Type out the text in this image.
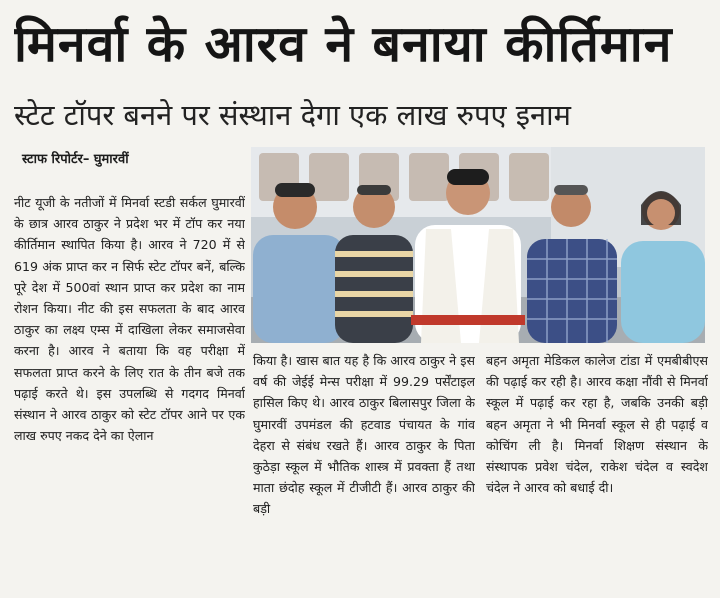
मिनर्वा के आरव ने बनाया कीर्तिमान
स्टेट टॉपर बनने पर संस्थान देगा एक लाख रुपए इनाम
स्टाफ रिपोर्टर– घुमारवीं
नीट यूजी के नतीजों में मिनर्वा स्टडी सर्कल घुमारवीं के छात्र आरव ठाकुर ने प्रदेश भर में टॉप कर नया कीर्तिमान स्थापित किया है। आरव ने 720 में से 619 अंक प्राप्त कर न सिर्फ स्टेट टॉपर बनें, बल्कि पूरे देश में 500वां स्थान प्राप्त कर प्रदेश का नाम रोशन किया। नीट की इस सफलता के बाद आरव ठाकुर का लक्ष्य एम्स में दाखिला लेकर समाजसेवा करना है। आरव ने बताया कि वह परीक्षा में सफलता प्राप्त करने के लिए रात के तीन बजे तक पढ़ाई करते थे। इस उपलब्धि से गदगद मिनर्वा संस्थान ने आरव ठाकुर को स्टेट टॉपर आने पर एक लाख रुपए नकद देने का ऐलान
किया है। खास बात यह है कि आरव ठाकुर ने इस वर्ष की जेईई मेन्स परीक्षा में 99.29 पर्सेंटाइल हासिल किए थे। आरव ठाकुर बिलासपुर जिला के घुमारवीं उपमंडल की हटवाड पंचायत के गांव देहरा से संबंध रखते हैं। आरव ठाकुर के पिता कुठेड़ा स्कूल में भौतिक शास्त्र में प्रवक्ता हैं तथा माता छंदोह स्कूल में टीजीटी हैं। आरव ठाकुर की बड़ी
बहन अमृता मेडिकल कालेज टांडा में एमबीबीएस की पढ़ाई कर रही है। आरव कक्षा नौंवी से मिनर्वा स्कूल में पढ़ाई कर रहा है, जबकि उनकी बड़ी बहन अमृता ने भी मिनर्वा स्कूल से ही पढ़ाई व कोचिंग ली है। मिनर्वा शिक्षण संस्थान के संस्थापक प्रवेश चंदेल, राकेश चंदेल व स्वदेश चंदेल ने आरव को बधाई दी।
